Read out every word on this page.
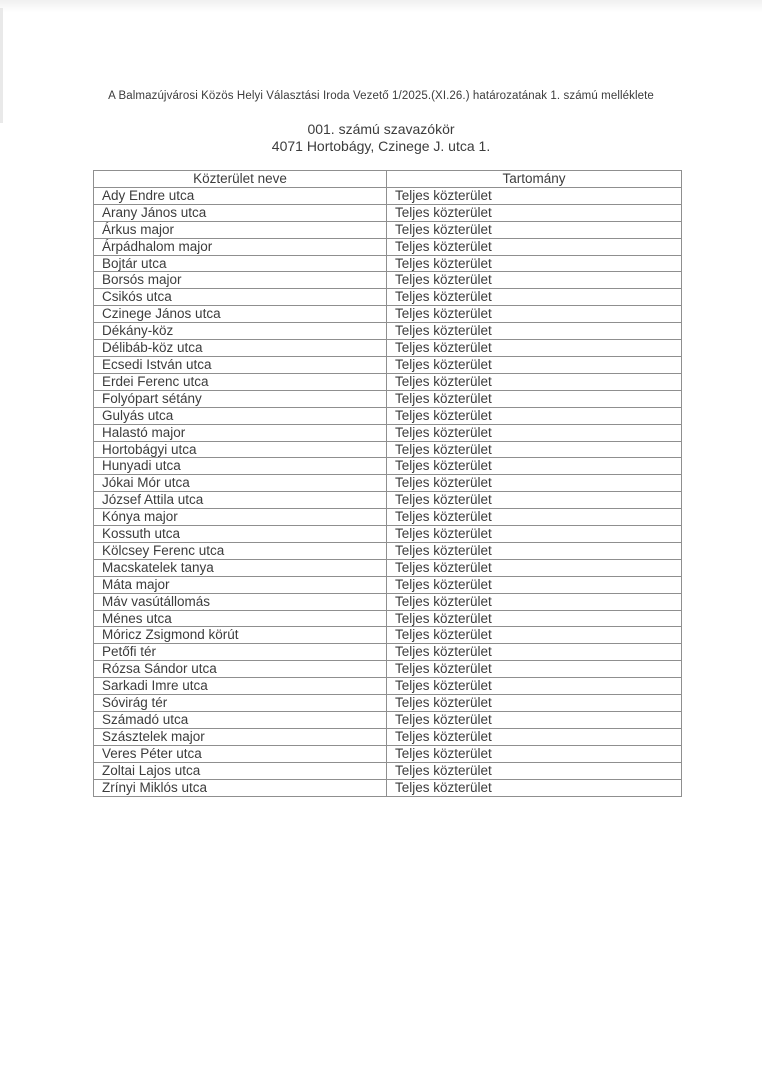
A Balmazújvárosi Közös Helyi Választási Iroda Vezető 1/2025.(XI.26.) határozatának 1. számú melléklete
001. számú szavazókör
4071 Hortobágy, Czinege J. utca 1.
Közterület neve	Tartomány
Ady Endre utca	Teljes közterület
Arany János utca	Teljes közterület
Árkus major	Teljes közterület
Árpádhalom major	Teljes közterület
Bojtár utca	Teljes közterület
Borsós major	Teljes közterület
Csikós utca	Teljes közterület
Czinege János utca	Teljes közterület
Dékány-köz	Teljes közterület
Délibáb-köz utca	Teljes közterület
Ecsedi István utca	Teljes közterület
Erdei Ferenc utca	Teljes közterület
Folyópart sétány	Teljes közterület
Gulyás utca	Teljes közterület
Halastó major	Teljes közterület
Hortobágyi utca	Teljes közterület
Hunyadi utca	Teljes közterület
Jókai Mór utca	Teljes közterület
József Attila utca	Teljes közterület
Kónya major	Teljes közterület
Kossuth utca	Teljes közterület
Kölcsey Ferenc utca	Teljes közterület
Macskatelek tanya	Teljes közterület
Máta major	Teljes közterület
Máv vasútállomás	Teljes közterület
Ménes utca	Teljes közterület
Móricz Zsigmond körút	Teljes közterület
Petőfi tér	Teljes közterület
Rózsa Sándor utca	Teljes közterület
Sarkadi Imre utca	Teljes közterület
Sóvirág tér	Teljes közterület
Számadó utca	Teljes közterület
Szásztelek major	Teljes közterület
Veres Péter utca	Teljes közterület
Zoltai Lajos utca	Teljes közterület
Zrínyi Miklós utca	Teljes közterület
